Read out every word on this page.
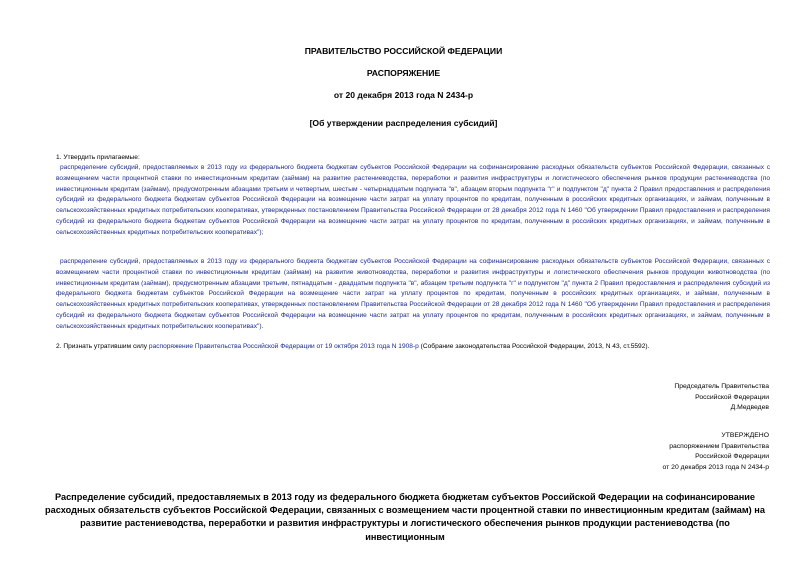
ПРАВИТЕЛЬСТВО РОССИЙСКОЙ ФЕДЕРАЦИИ
РАСПОРЯЖЕНИЕ
от 20 декабря 2013 года N 2434-р
[Об утверждении распределения субсидий]
1. Утвердить прилагаемые:

распределение субсидий, предоставляемых в 2013 году из федерального бюджета бюджетам субъектов Российской Федерации на софинансирование расходных обязательств субъектов Российской Федерации, связанных с возмещением части процентной ставки по инвестиционным кредитам (займам) на развитие растениеводства, переработки и развития инфраструктуры и логистического обеспечения рынков продукции растениеводства (по инвестиционным кредитам (займам), предусмотренным абзацами третьим и четвертым, шестым - четырнадцатым подпункта "в", абзацем вторым подпункта "г" и подпунктом "д" пункта 2 Правил предоставления и распределения субсидий из федерального бюджета бюджетам субъектов Российской Федерации на возмещение части затрат на уплату процентов по кредитам, полученным в российских кредитных организациях, и займам, полученным в сельскохозяйственных кредитных потребительских кооперативах, утвержденных постановлением Правительства Российской Федерации от 28 декабря 2012 года N 1460 "Об утверждении Правил предоставления и распределения субсидий из федерального бюджета бюджетам субъектов Российской Федерации на возмещение части затрат на уплату процентов по кредитам, полученным в российских кредитных организациях, и займам, полученным в сельскохозяйственных кредитных потребительских кооперативах");

распределение субсидий, предоставляемых в 2013 году из федерального бюджета бюджетам субъектов Российской Федерации на софинансирование расходных обязательств субъектов Российской Федерации, связанных с возмещением части процентной ставки по инвестиционным кредитам (займам) на развитие животноводства, переработки и развития инфраструктуры и логистического обеспечения рынков продукции животноводства (по инвестиционным кредитам (займам), предусмотренным абзацами третьим, пятнадцатым - двадцатым подпункта "в", абзацем третьим подпункта "г" и подпунктом "д" пункта 2 Правил предоставления и распределения субсидий из федерального бюджета бюджетам субъектов Российской Федерации на возмещение части затрат на уплату процентов по кредитам, полученным в российских кредитных организациях, и займам, полученным в сельскохозяйственных кредитных потребительских кооперативах, утвержденных постановлением Правительства Российской Федерации от 28 декабря 2012 года N 1460 "Об утверждении Правил предоставления и распределения субсидий из федерального бюджета бюджетам субъектов Российской Федерации на возмещение части затрат на уплату процентов по кредитам, полученным в российских кредитных организациях, и займам, полученным в сельскохозяйственных кредитных потребительских кооперативах").

2. Признать утратившим силу распоряжение Правительства Российской Федерации от 19 октября 2013 года N 1908-р (Собрание законодательства Российской Федерации, 2013, N 43, ст.5592).
Председатель Правительства
Российской Федерации
Д.Медведев
УТВЕРЖДЕНО
распоряжением Правительства
Российской Федерации
от 20 декабря 2013 года N 2434-р
Распределение субсидий, предоставляемых в 2013 году из федерального бюджета бюджетам субъектов Российской Федерации на софинансирование расходных обязательств субъектов Российской Федерации, связанных с возмещением части процентной ставки по инвестиционным кредитам (займам) на развитие растениеводства, переработки и развития инфраструктуры и логистического обеспечения рынков продукции растениеводства (по инвестиционным
